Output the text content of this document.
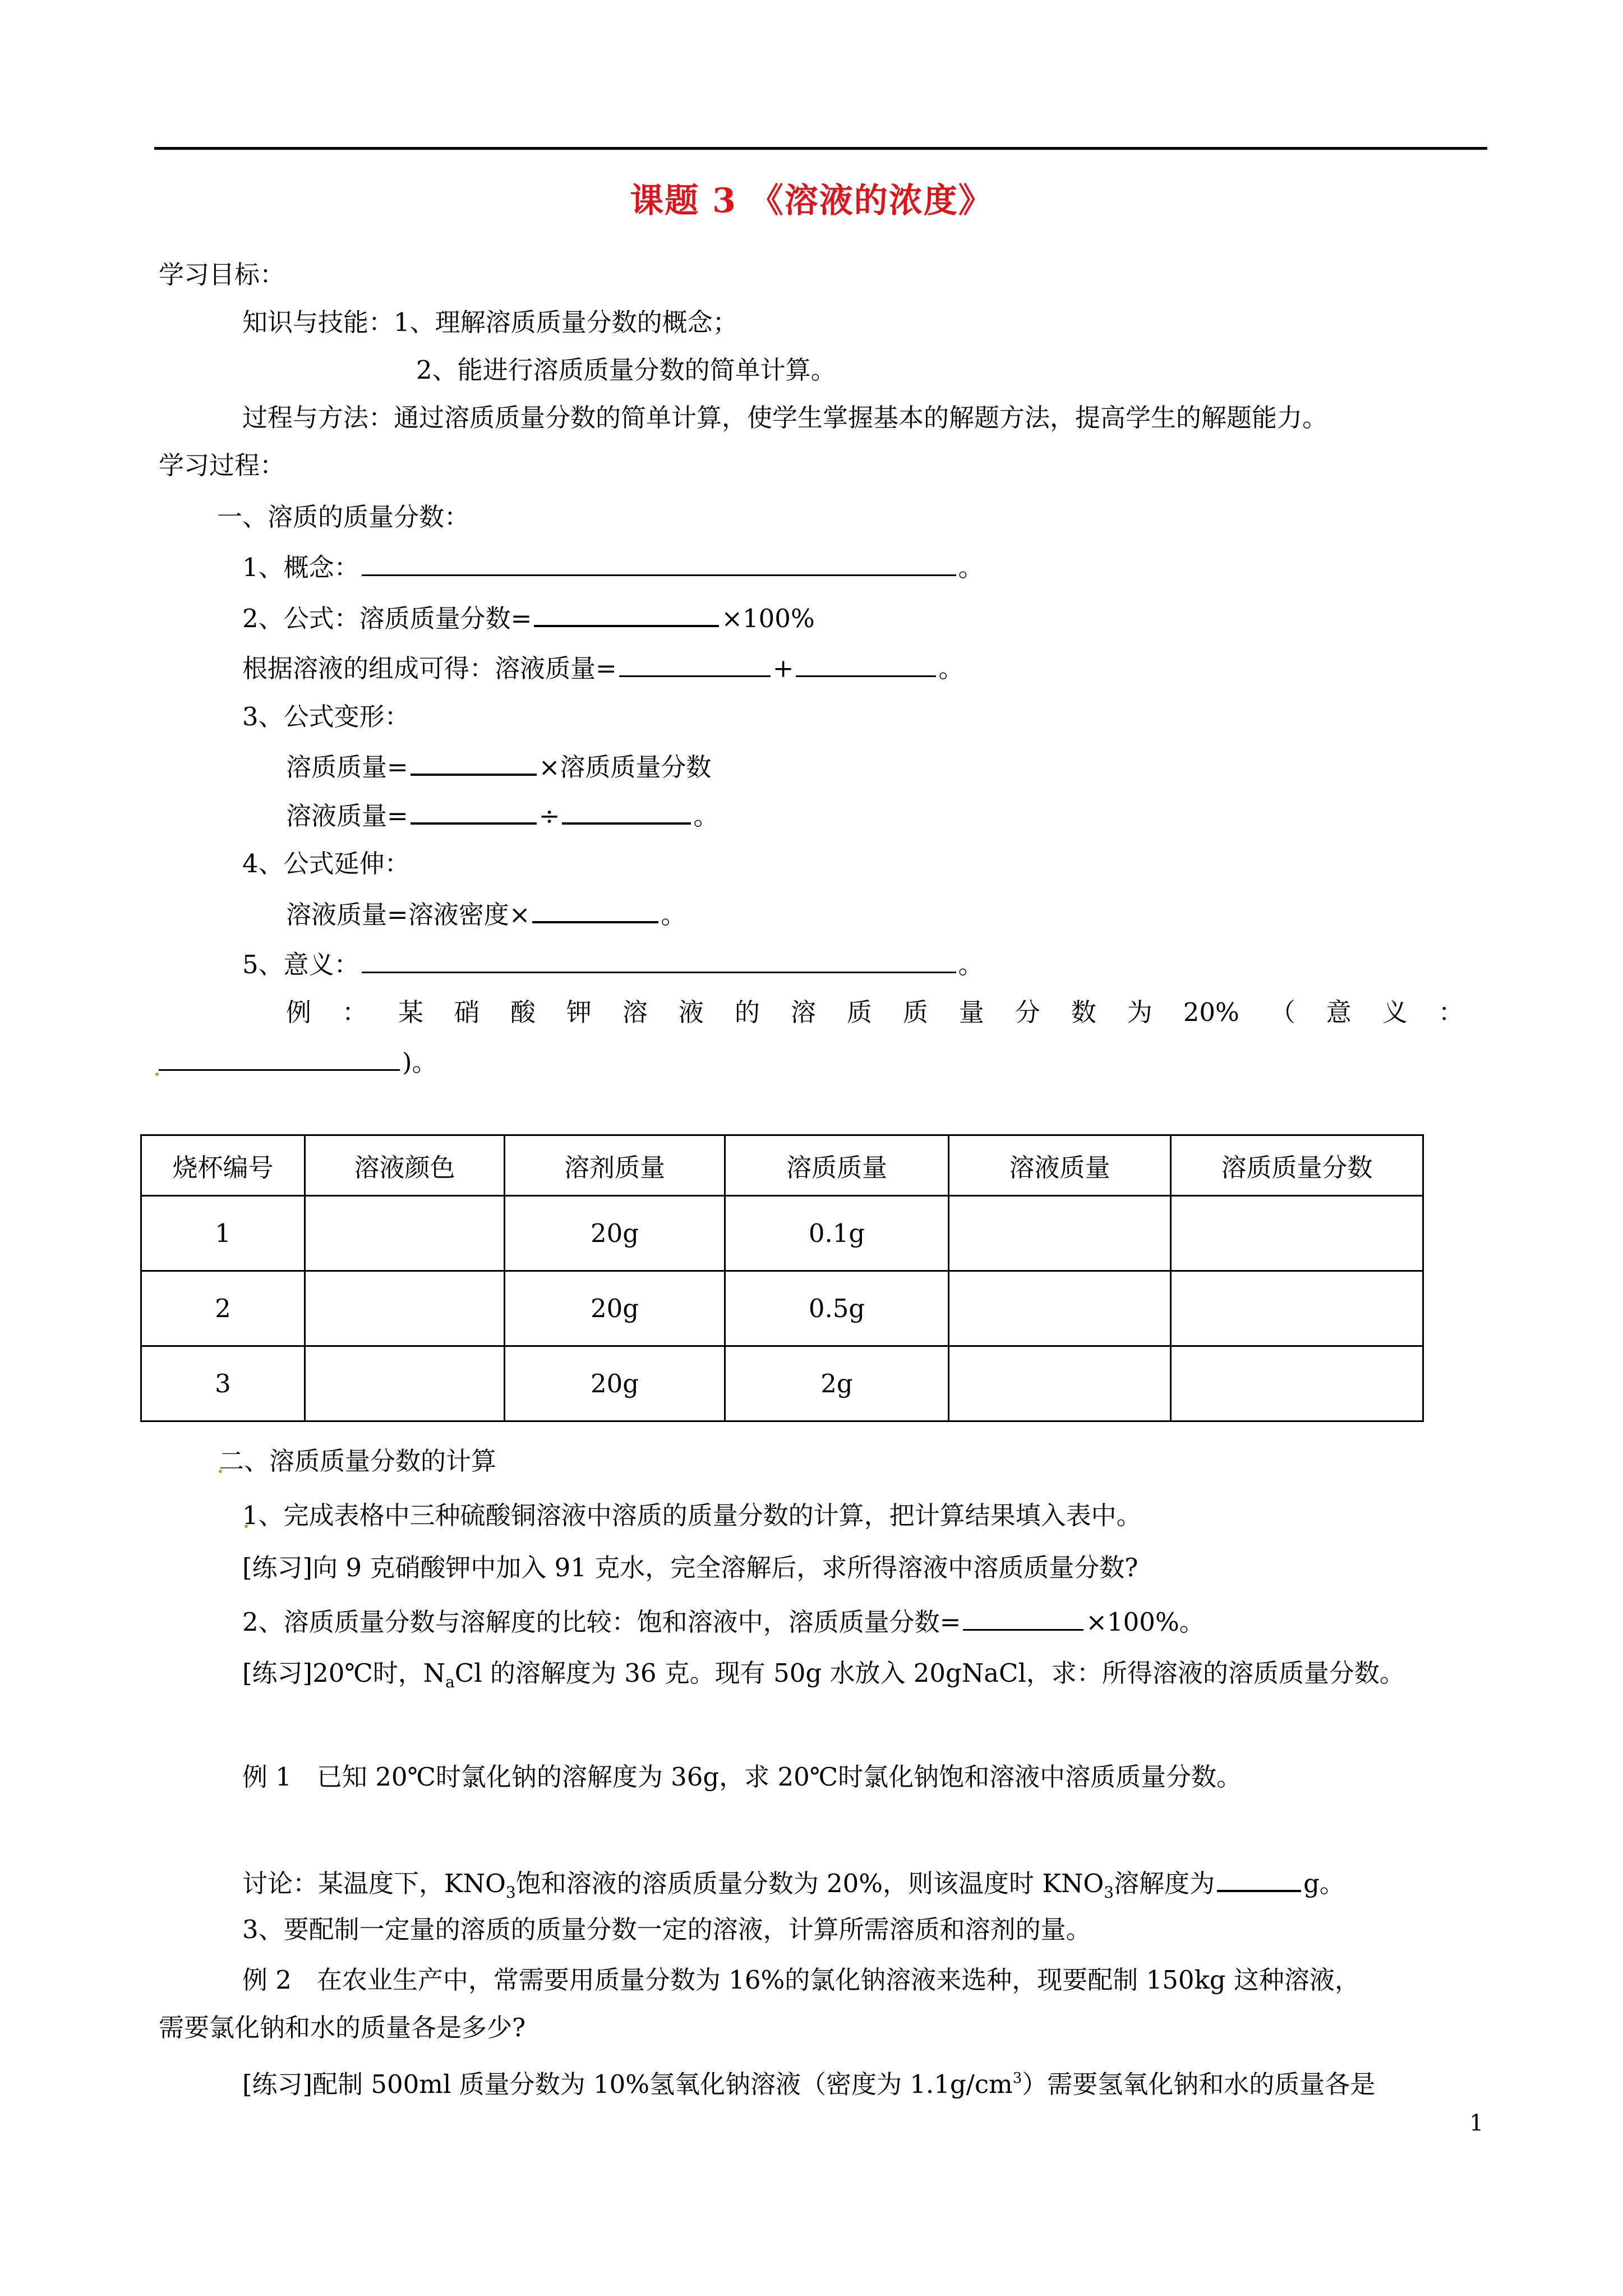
课题 3 《溶液的浓度》
学习目标：
知识与技能：1、理解溶质质量分数的概念；
2、能进行溶质质量分数的简单计算。
过程与方法：通过溶质质量分数的简单计算，使学生掌握基本的解题方法，提高学生的解题能力。
学习过程：
一、溶质的质量分数：
1、概念：	。
2、公式：溶质质量分数=	×100%
根据溶液的组成可得：溶液质量=	+	。
3、公式变形：
溶质质量=	×溶质质量分数
溶液质量=	÷	。
4、公式延伸：
溶液质量=溶液密度×	。
5、意义：	。
例 ： 某 硝 酸 钾 溶 液 的 溶 质 质 量 分 数 为 20% （ 意 义 ：
)。
烧杯编号	溶液颜色	溶剂质量	溶质质量	溶液质量	溶质质量分数
1		20g	0.1g		
2		20g	0.5g		
3		20g	2g		
二、溶质质量分数的计算
1、完成表格中三种硫酸铜溶液中溶质的质量分数的计算，把计算结果填入表中。
[练习]向 9 克硝酸钾中加入 91 克水，完全溶解后，求所得溶液中溶质质量分数?
2、溶质质量分数与溶解度的比较：饱和溶液中，溶质质量分数=	×100%。
[练习]20℃时，$N_aCl$ 的溶解度为 36 克。现有 50g 水放入 20gNaCl，求：所得溶液的溶质质量分数。
例 1　已知 20℃时氯化钠的溶解度为 36g，求 20℃时氯化钠饱和溶液中溶质质量分数。
讨论：某温度下，$KNO_3$饱和溶液的溶质质量分数为 20%，则该温度时 $KNO_3$溶解度为	g。
3、要配制一定量的溶质的质量分数一定的溶液，计算所需溶质和溶剂的量。
例 2　在农业生产中，常需要用质量分数为 16%的氯化钠溶液来选种，现要配制 150kg 这种溶液，
需要氯化钠和水的质量各是多少?
[练习]配制 500ml 质量分数为 10%氢氧化钠溶液（密度为 $1.1g/cm^3$）需要氢氧化钠和水的质量各是
1
